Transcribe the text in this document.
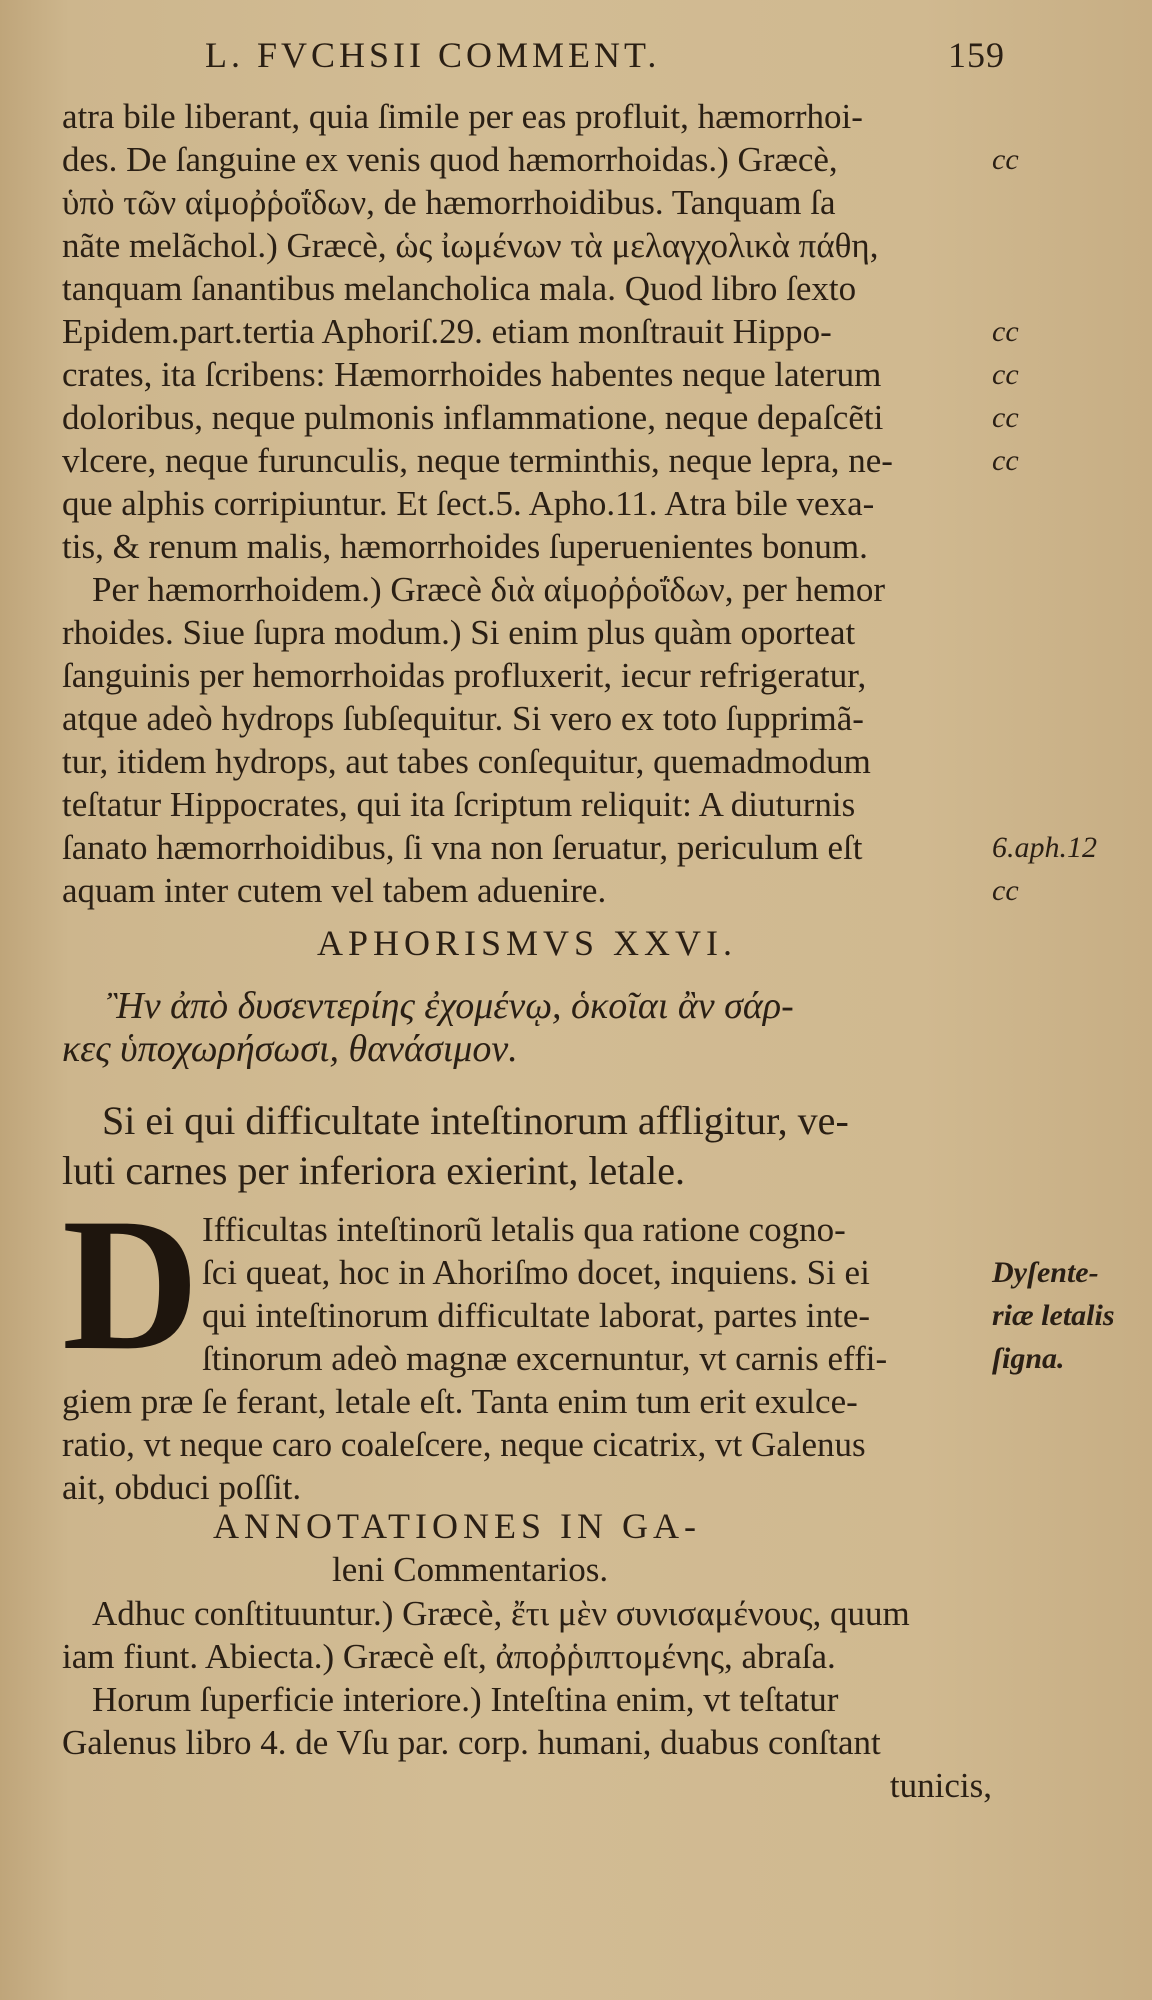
L. FVCHSII COMMENT.	159
atra bile liberant, quia ſimile per eas profluit, hæmorrhoi-
des. De ſanguine ex venis quod hæmorrhoidas.) Græcè,
ὑπὸ τῶν αἱμοῤῥοΐδων, de hæmorrhoidibus. Tanquam ſa
nãte melãchol.) Græcè, ὡς ἰωμένων τὰ μελαγχολικὰ πάθη,
tanquam ſanantibus melancholica mala. Quod libro ſexto
Epidem.part.tertia Aphoriſ.29. etiam monſtrauit Hippo-
crates, ita ſcribens: Hæmorrhoides habentes neque laterum
doloribus, neque pulmonis inflammatione, neque depaſcẽti
vlcere, neque furunculis, neque terminthis, neque lepra, ne-
que alphis corripiuntur. Et ſect.5. Apho.11. Atra bile vexa-
tis, & renum malis, hæmorrhoides ſuperuenientes bonum.
Per hæmorrhoidem.) Græcè διὰ αἱμοῤῥοΐδων, per hemor
rhoides. Siue ſupra modum.) Si enim plus quàm oporteat
ſanguinis per hemorrhoidas profluxerit, iecur refrigeratur,
atque adeò hydrops ſubſequitur. Si vero ex toto ſupprimã-
tur, itidem hydrops, aut tabes conſequitur, quemadmodum
teſtatur Hippocrates, qui ita ſcriptum reliquit: A diuturnis
ſanato hæmorrhoidibus, ſi vna non ſeruatur, periculum eſt
aquam inter cutem vel tabem aduenire.
cc
cc
cc
cc
cc
6.aph.12
cc
APHORISMVS XXVI.
Ἢν ἀπὸ δυσεντερίης ἐχομένῳ, ὁκοῖαι ἂν σάρ-
κες ὑποχωρήσωσι, θανάσιμον.
Si ei qui difficultate inteſtinorum affligitur, ve-
luti carnes per inferiora exierint, letale.
D Ifficultas inteſtinorũ letalis qua ratione cogno-
ſci queat, hoc in Ahoriſmo docet, inquiens. Si ei
qui inteſtinorum difficultate laborat, partes inte-
ſtinorum adeò magnæ excernuntur, vt carnis effi-
giem præ ſe ferant, letale eſt. Tanta enim tum erit exulce-
ratio, vt neque caro coaleſcere, neque cicatrix, vt Galenus
ait, obduci poſſit.
Dyſente-
riæ letalis
ſigna.
ANNOTATIONES IN GA-
leni Commentarios.
Adhuc conſtituuntur.) Græcè, ἔτι μὲν συνισαμένους, quum
iam fiunt. Abiecta.) Græcè eſt, ἀποῤῥιπτομένης, abraſa.
Horum ſuperficie interiore.) Inteſtina enim, vt teſtatur
Galenus libro 4. de Vſu par. corp. humani, duabus conſtant
tunicis,
